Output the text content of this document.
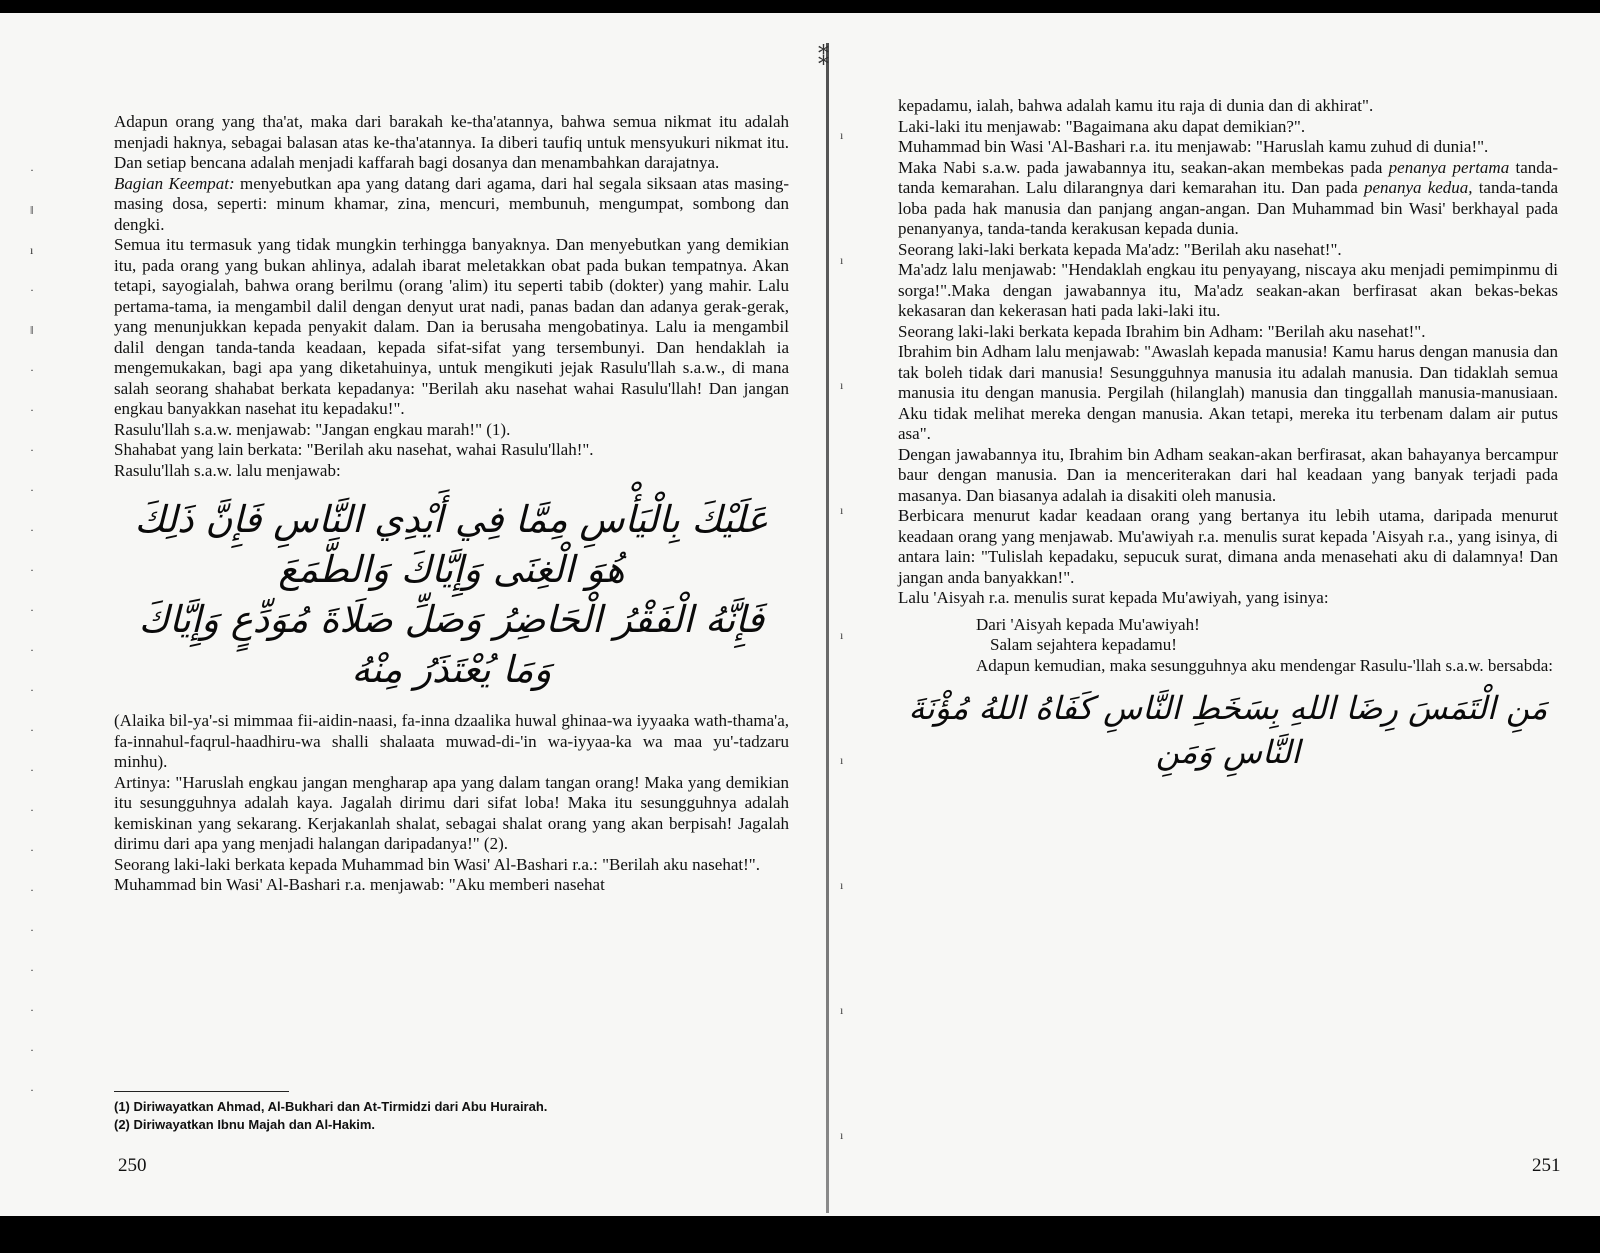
·
‖
ı
·
‖
·
·
·
·
·
·
·
·
·
·
·
·
·
·
·
·
·
·
·

Adapun orang yang tha'at, maka dari barakah ke-tha'atannya, bahwa semua nikmat itu adalah menjadi haknya, sebagai balasan atas ke-tha'atannya. Ia diberi taufiq untuk mensyukuri nikmat itu. Dan setiap bencana adalah menjadi kaffarah bagi dosanya dan menambahkan darajatnya.

Bagian Keempat: menyebutkan apa yang datang dari agama, dari hal segala siksaan atas masing-masing dosa, seperti: minum khamar, zina, mencuri, membunuh, mengumpat, sombong dan dengki.

Semua itu termasuk yang tidak mungkin terhingga banyaknya. Dan menyebutkan yang demikian itu, pada orang yang bukan ahlinya, adalah ibarat meletakkan obat pada bukan tempatnya. Akan tetapi, sayogialah, bahwa orang berilmu (orang 'alim) itu seperti tabib (dokter) yang mahir. Lalu pertama-tama, ia mengambil dalil dengan denyut urat nadi, panas badan dan adanya gerak-gerak, yang menunjukkan kepada penyakit dalam. Dan ia berusaha mengobatinya. Lalu ia mengambil dalil dengan tanda-tanda keadaan, kepada sifat-sifat yang tersembunyi. Dan hendaklah ia mengemukakan, bagi apa yang diketahuinya, untuk mengikuti jejak Rasulu'llah s.a.w., di mana salah seorang shahabat berkata kepadanya: "Berilah aku nasehat wahai Rasulu'llah! Dan jangan engkau banyakkan nasehat itu kepadaku!".

Rasulu'llah s.a.w. menjawab: "Jangan engkau marah!" (1).

Shahabat yang lain berkata: "Berilah aku nasehat, wahai Rasulu'llah!".

Rasulu'llah s.a.w. lalu menjawab:

عَلَيْكَ بِالْيَأْسِ مِمَّا فِي أَيْدِي النَّاسِ فَإِنَّ ذَلِكَ هُوَ الْغِنَى وَإِيَّاكَ وَالطَّمَعَ
فَإِنَّهُ الْفَقْرُ الْحَاضِرُ وَصَلِّ صَلَاةَ مُوَدِّعٍ وَإِيَّاكَ وَمَا يُعْتَذَرُ مِنْهُ

(Alaika bil-ya'-si mimmaa fii-aidin-naasi, fa-inna dzaalika huwal ghinaa-wa iyyaaka wath-thama'a, fa-innahul-faqrul-haadhiru-wa shalli shalaata muwad-di-'in wa-iyyaa-ka wa maa yu'-tadzaru minhu).

Artinya: "Haruslah engkau jangan mengharap apa yang dalam tangan orang! Maka yang demikian itu sesungguhnya adalah kaya. Jagalah dirimu dari sifat loba! Maka itu sesungguhnya adalah kemiskinan yang sekarang. Kerjakanlah shalat, sebagai shalat orang yang akan berpisah! Jagalah dirimu dari apa yang menjadi halangan daripadanya!" (2).

Seorang laki-laki berkata kepada Muhammad bin Wasi' Al-Bashari r.a.: "Berilah aku nasehat!".

Muhammad bin Wasi' Al-Bashari r.a. menjawab: "Aku memberi nasehat

(1) Diriwayatkan Ahmad, Al-Bukhari dan At-Tirmidzi dari Abu Hurairah.

(2) Diriwayatkan Ibnu Majah dan Al-Hakim.

250
⁑
ı
ı
ı
ı
ı
ı
ı
ı
ı

kepadamu, ialah, bahwa adalah kamu itu raja di dunia dan di akhirat".

Laki-laki itu menjawab: "Bagaimana aku dapat demikian?".

Muhammad bin Wasi 'Al-Bashari r.a. itu menjawab: "Haruslah kamu zuhud di dunia!".

Maka Nabi s.a.w. pada jawabannya itu, seakan-akan membekas pada penanya pertama tanda-tanda kemarahan. Lalu dilarangnya dari kemarahan itu. Dan pada penanya kedua, tanda-tanda loba pada hak manusia dan panjang angan-angan. Dan Muhammad bin Wasi' berkhayal pada penanyanya, tanda-tanda kerakusan kepada dunia.

Seorang laki-laki berkata kepada Ma'adz: "Berilah aku nasehat!".

Ma'adz lalu menjawab: "Hendaklah engkau itu penyayang, niscaya aku menjadi pemimpinmu di sorga!".Maka dengan jawabannya itu, Ma'adz seakan-akan berfirasat akan bekas-bekas kekasaran dan kekerasan hati pada laki-laki itu.

Seorang laki-laki berkata kepada Ibrahim bin Adham: "Berilah aku nasehat!".

Ibrahim bin Adham lalu menjawab: "Awaslah kepada manusia! Kamu harus dengan manusia dan tak boleh tidak dari manusia! Sesungguhnya manusia itu adalah manusia. Dan tidaklah semua manusia itu dengan manusia. Pergilah (hilanglah) manusia dan tinggallah manusia-manusiaan. Aku tidak melihat mereka dengan manusia. Akan tetapi, mereka itu terbenam dalam air putus asa".

Dengan jawabannya itu, Ibrahim bin Adham seakan-akan berfirasat, akan bahayanya bercampur baur dengan manusia. Dan ia menceriterakan dari hal keadaan yang banyak terjadi pada masanya. Dan biasanya adalah ia disakiti oleh manusia.

Berbicara menurut kadar keadaan orang yang bertanya itu lebih utama, daripada menurut keadaan orang yang menjawab. Mu'awiyah r.a. menulis surat kepada 'Aisyah r.a., yang isinya, di antara lain: "Tulislah kepadaku, sepucuk surat, dimana anda menasehati aku di dalamnya! Dan jangan anda banyakkan!".

Lalu 'Aisyah r.a. menulis surat kepada Mu'awiyah, yang isinya:

Dari 'Aisyah kepada Mu'awiyah!

Salam sejahtera kepadamu!

Adapun kemudian, maka sesungguhnya aku mendengar Rasulu-'llah s.a.w. bersabda:

مَنِ الْتَمَسَ رِضَا اللهِ بِسَخَطِ النَّاسِ كَفَاهُ اللهُ مُؤْنَةَ النَّاسِ وَمَنِ
251
